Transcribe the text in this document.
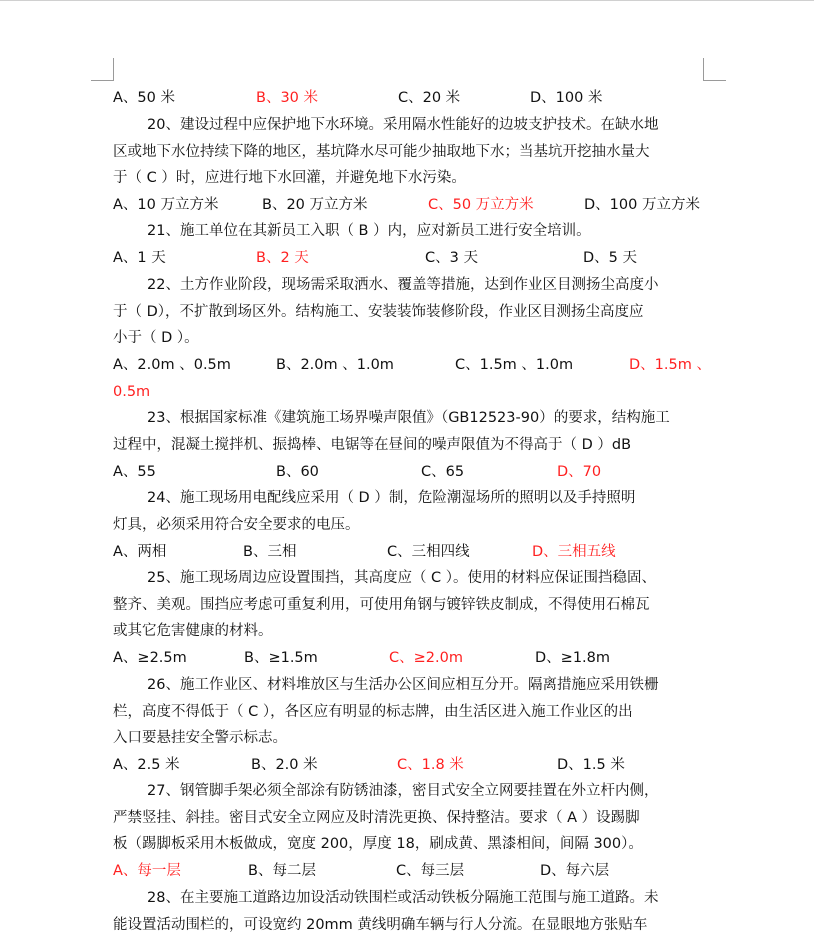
A、50 米	B、30 米	C、20 米	D、100 米
20、建设过程中应保护地下水环境。采用隔水性能好的边坡支护技术。在缺水地
区或地下水位持续下降的地区，基坑降水尽可能少抽取地下水；当基坑开挖抽水量大
于（ C ）时，应进行地下水回灌，并避免地下水污染。
A、10 万立方米	B、20 万立方米	C、50 万立方米	D、100 万立方米
21、施工单位在其新员工入职（ B ）内，应对新员工进行安全培训。
A、1 天	B、2 天	C、3 天	D、5 天
22、土方作业阶段，现场需采取洒水、覆盖等措施，达到作业区目测扬尘高度小
于（ D），不扩散到场区外。结构施工、安装装饰装修阶段，作业区目测扬尘高度应
小于（ D ）。
A、2.0m 、0.5m	B、2.0m 、1.0m	C、1.5m 、1.0m	D、1.5m 、
0.5m
23、根据国家标准《建筑施工场界噪声限值》（GB12523-90）的要求，结构施工
过程中，混凝土搅拌机、振捣棒、电锯等在昼间的噪声限值为不得高于（ D ）dB
A、55	B、60	C、65	D、70
24、施工现场用电配线应采用（ D ）制，危险潮湿场所的照明以及手持照明
灯具，必须采用符合安全要求的电压。
A、两相	B、三相	C、三相四线	D、三相五线
25、施工现场周边应设置围挡，其高度应（ C ）。使用的材料应保证围挡稳固、
整齐、美观。围挡应考虑可重复利用，可使用角钢与镀锌铁皮制成，不得使用石棉瓦
或其它危害健康的材料。
A、≥2.5m	B、≥1.5m	C、≥2.0m	D、≥1.8m
26、施工作业区、材料堆放区与生活办公区间应相互分开。隔离措施应采用铁栅
栏，高度不得低于（ C ），各区应有明显的标志牌，由生活区进入施工作业区的出
入口要悬挂安全警示标志。
A、2.5 米	B、2.0 米	C、1.8 米	D、1.5 米
27、钢管脚手架必须全部涂有防锈油漆，密目式安全立网要挂置在外立杆内侧，
严禁竖挂、斜挂。密目式安全立网应及时清洗更换、保持整洁。要求（ A ）设踢脚
板（踢脚板采用木板做成，宽度 200，厚度 18，刷成黄、黑漆相间，间隔 300）。
A、每一层	B、每二层	C、每三层	D、每六层
28、在主要施工道路边加设活动铁围栏或活动铁板分隔施工范围与施工道路。未
能设置活动围栏的，可设宽约 20mm 黄线明确车辆与行人分流。在显眼地方张贴车
